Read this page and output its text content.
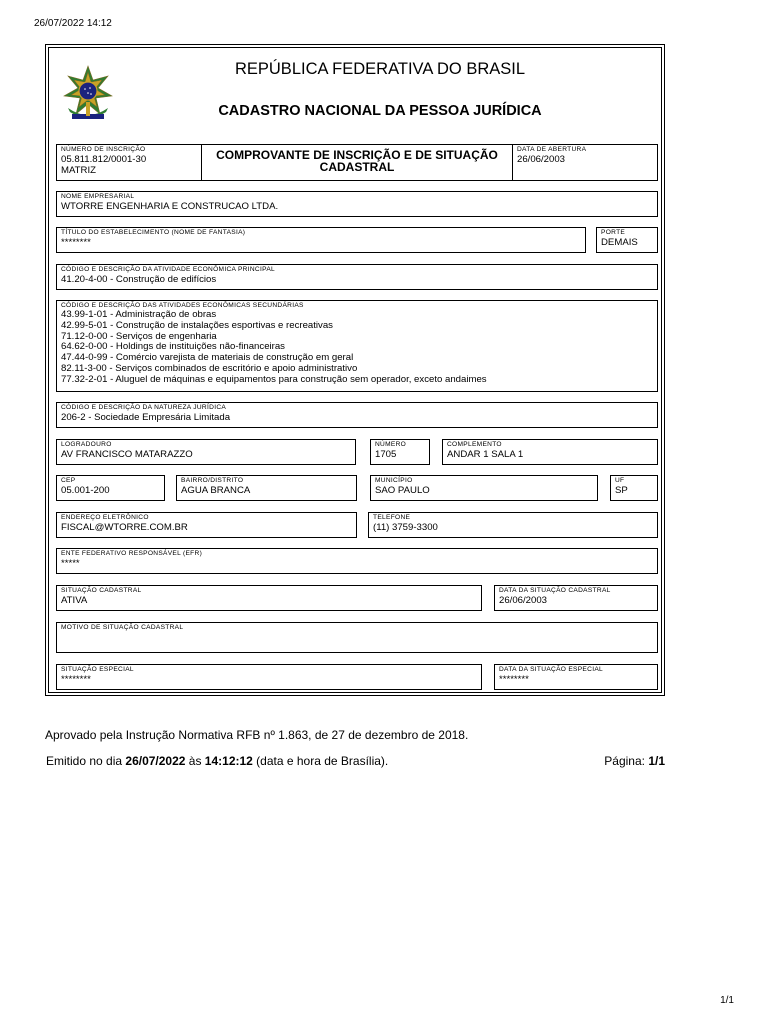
26/07/2022 14:12
REPÚBLICA FEDERATIVA DO BRASIL
CADASTRO NACIONAL DA PESSOA JURÍDICA
NÚMERO DE INSCRIÇÃO
05.811.812/0001-30
MATRIZ
COMPROVANTE DE INSCRIÇÃO E DE SITUAÇÃO CADASTRAL
DATA DE ABERTURA
26/06/2003
NOME EMPRESARIAL
WTORRE ENGENHARIA E CONSTRUCAO LTDA.
TÍTULO DO ESTABELECIMENTO (NOME DE FANTASIA)
********
PORTE
DEMAIS
CÓDIGO E DESCRIÇÃO DA ATIVIDADE ECONÔMICA PRINCIPAL
41.20-4-00 - Construção de edifícios
CÓDIGO E DESCRIÇÃO DAS ATIVIDADES ECONÔMICAS SECUNDÁRIAS
43.99-1-01 - Administração de obras
42.99-5-01 - Construção de instalações esportivas e recreativas
71.12-0-00 - Serviços de engenharia
64.62-0-00 - Holdings de instituições não-financeiras
47.44-0-99 - Comércio varejista de materiais de construção em geral
82.11-3-00 - Serviços combinados de escritório e apoio administrativo
77.32-2-01 - Aluguel de máquinas e equipamentos para construção sem operador, exceto andaimes
CÓDIGO E DESCRIÇÃO DA NATUREZA JURÍDICA
206-2 - Sociedade Empresária Limitada
LOGRADOURO
AV FRANCISCO MATARAZZO
NÚMERO
1705
COMPLEMENTO
ANDAR 1 SALA 1
CEP
05.001-200
BAIRRO/DISTRITO
AGUA BRANCA
MUNICÍPIO
SAO PAULO
UF
SP
ENDEREÇO ELETRÔNICO
FISCAL@WTORRE.COM.BR
TELEFONE
(11) 3759-3300
ENTE FEDERATIVO RESPONSÁVEL (EFR)
*****
SITUAÇÃO CADASTRAL
ATIVA
DATA DA SITUAÇÃO CADASTRAL
26/06/2003
MOTIVO DE SITUAÇÃO CADASTRAL
SITUAÇÃO ESPECIAL
********
DATA DA SITUAÇÃO ESPECIAL
********
Aprovado pela Instrução Normativa RFB nº 1.863, de 27 de dezembro de 2018.
Emitido no dia 26/07/2022 às 14:12:12 (data e hora de Brasília).	Página: 1/1
1/1
